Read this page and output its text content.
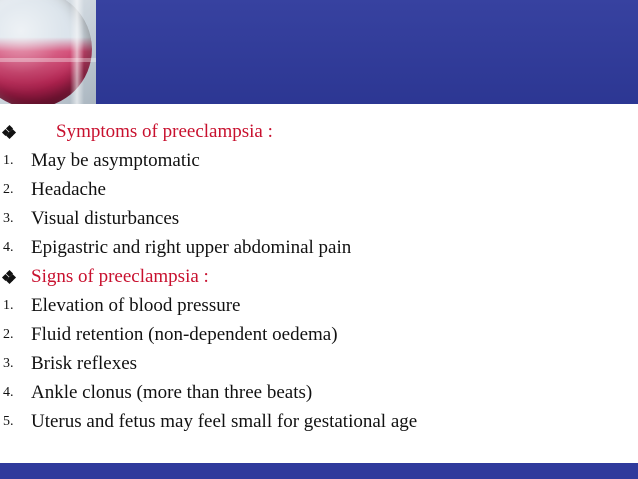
Symptoms of preeclampsia :
1. May be asymptomatic
2. Headache
3. Visual disturbances
4. Epigastric and right upper abdominal pain
Signs of preeclampsia :
1. Elevation of blood pressure
2. Fluid retention (non-dependent oedema)
3. Brisk reflexes
4. Ankle clonus (more than three beats)
5. Uterus and fetus may feel small for gestational age
